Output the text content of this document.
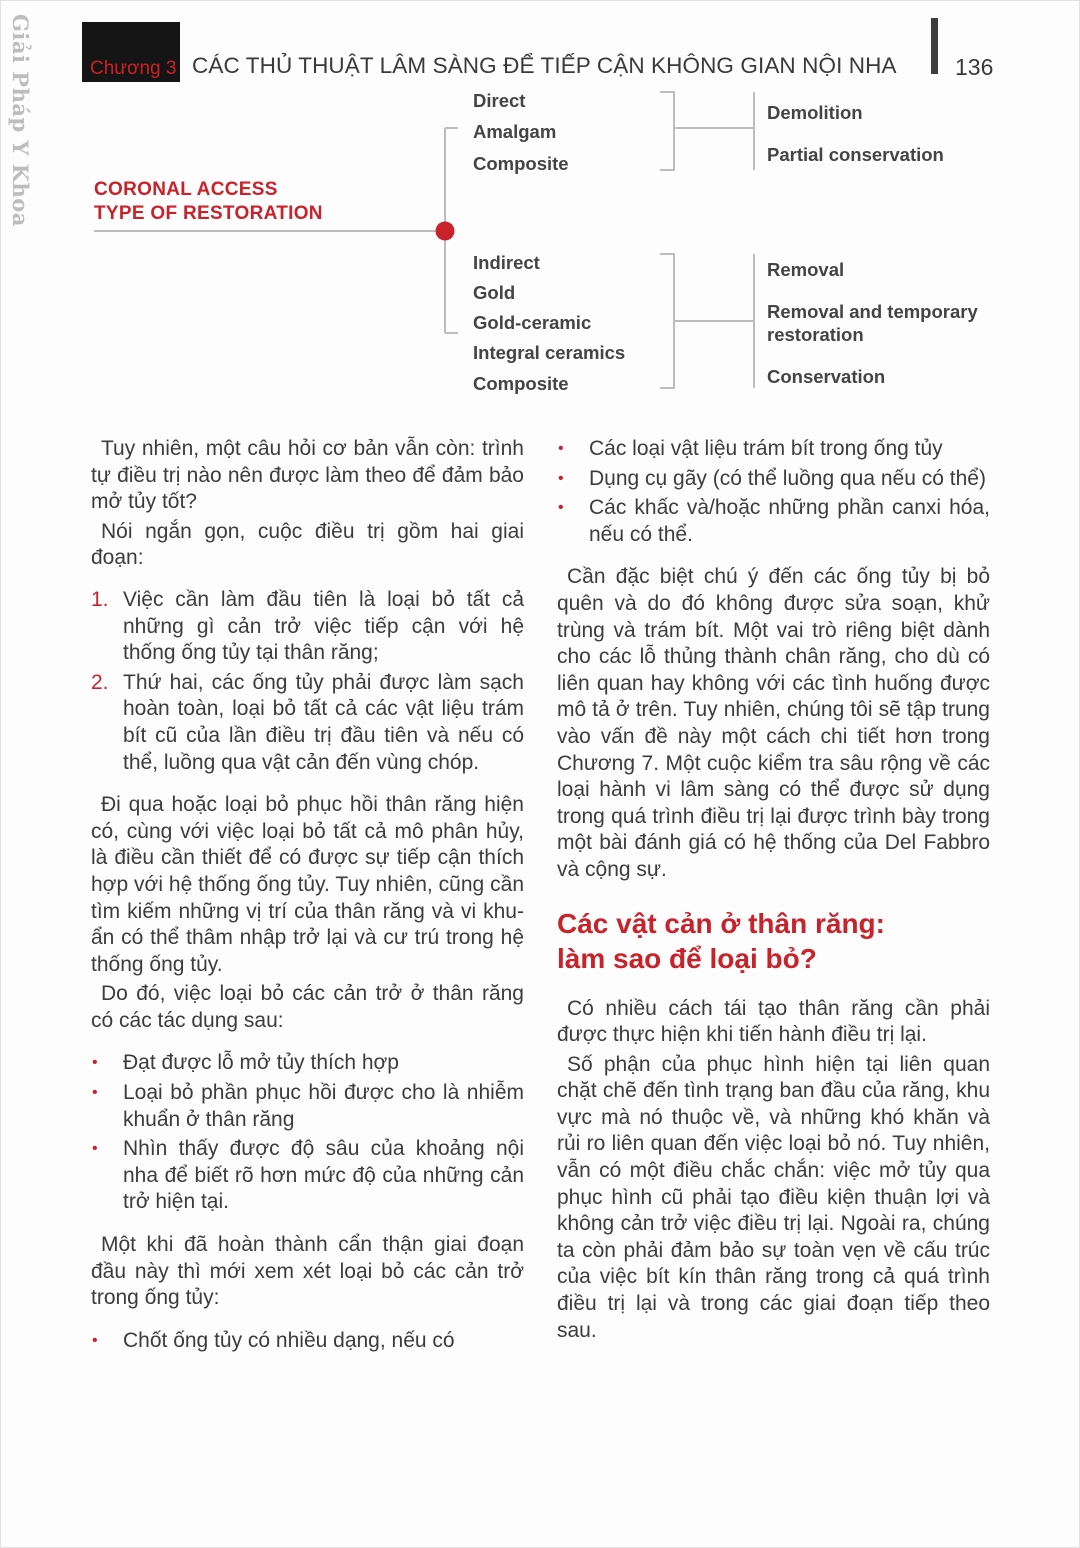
Giải Pháp Y Khoa	Chương 3 CÁC THỦ THUẬT LÂM SÀNG ĐỂ TIẾP CẬN KHÔNG GIAN NỘI NHA	136
CORONAL ACCESS
TYPE OF RESTORATION
Direct
Amalgam
Composite
Demolition
Partial conservation
Indirect
Gold
Gold-ceramic
Integral ceramics
Composite
Removal
Removal and temporary
restoration
Conservation

Tuy nhiên, một câu hỏi cơ bản vẫn còn: trình tự điều trị nào nên được làm theo để đảm bảo mở tủy tốt?

Nói ngắn gọn, cuộc điều trị gồm hai giai đoạn:

1. Việc cần làm đầu tiên là loại bỏ tất cả những gì cản trở việc tiếp cận với hệ thống ống tủy tại thân răng;
2. Thứ hai, các ống tủy phải được làm sạch hoàn toàn, loại bỏ tất cả các vật liệu trám bít cũ của lần điều trị đầu tiên và nếu có thể, luồng qua vật cản đến vùng chóp.

Đi qua hoặc loại bỏ phục hồi thân răng hiện có, cùng với việc loại bỏ tất cả mô phân hủy, là điều cần thiết để có được sự tiếp cận thích hợp với hệ thống ống tủy. Tuy nhiên, cũng cần tìm kiếm những vị trí của thân răng và vi khuẩn có thể thâm nhập trở lại và cư trú trong hệ thống ống tủy.

Do đó, việc loại bỏ các cản trở ở thân răng có các tác dụng sau:

• Đạt được lỗ mở tủy thích hợp
• Loại bỏ phần phục hồi được cho là nhiễm khuẩn ở thân răng
• Nhìn thấy được độ sâu của khoảng nội nha để biết rõ hơn mức độ của những cản trở hiện tại.

Một khi đã hoàn thành cẩn thận giai đoạn đầu này thì mới xem xét loại bỏ các cản trở trong ống tủy:

• Chốt ống tủy có nhiều dạng, nếu có
• Các loại vật liệu trám bít trong ống tủy
• Dụng cụ gãy (có thể luồng qua nếu có thể)
• Các khấc và/hoặc những phần canxi hóa, nếu có thể.

Cần đặc biệt chú ý đến các ống tủy bị bỏ quên và do đó không được sửa soạn, khử trùng và trám bít. Một vai trò riêng biệt dành cho các lỗ thủng thành chân răng, cho dù có liên quan hay không với các tình huống được mô tả ở trên. Tuy nhiên, chúng tôi sẽ tập trung vào vấn đề này một cách chi tiết hơn trong Chương 7. Một cuộc kiểm tra sâu rộng về các loại hành vi lâm sàng có thể được sử dụng trong quá trình điều trị lại được trình bày trong một bài đánh giá có hệ thống của Del Fabbro và cộng sự.

Các vật cản ở thân răng:
làm sao để loại bỏ?

Có nhiều cách tái tạo thân răng cần phải được thực hiện khi tiến hành điều trị lại.

Số phận của phục hình hiện tại liên quan chặt chẽ đến tình trạng ban đầu của răng, khu vực mà nó thuộc về, và những khó khăn và rủi ro liên quan đến việc loại bỏ nó. Tuy nhiên, vẫn có một điều chắc chắn: việc mở tủy qua phục hình cũ phải tạo điều kiện thuận lợi và không cản trở việc điều trị lại. Ngoài ra, chúng ta còn phải đảm bảo sự toàn vẹn về cấu trúc của việc bít kín thân răng trong cả quá trình điều trị lại và trong các giai đoạn tiếp theo sau.
